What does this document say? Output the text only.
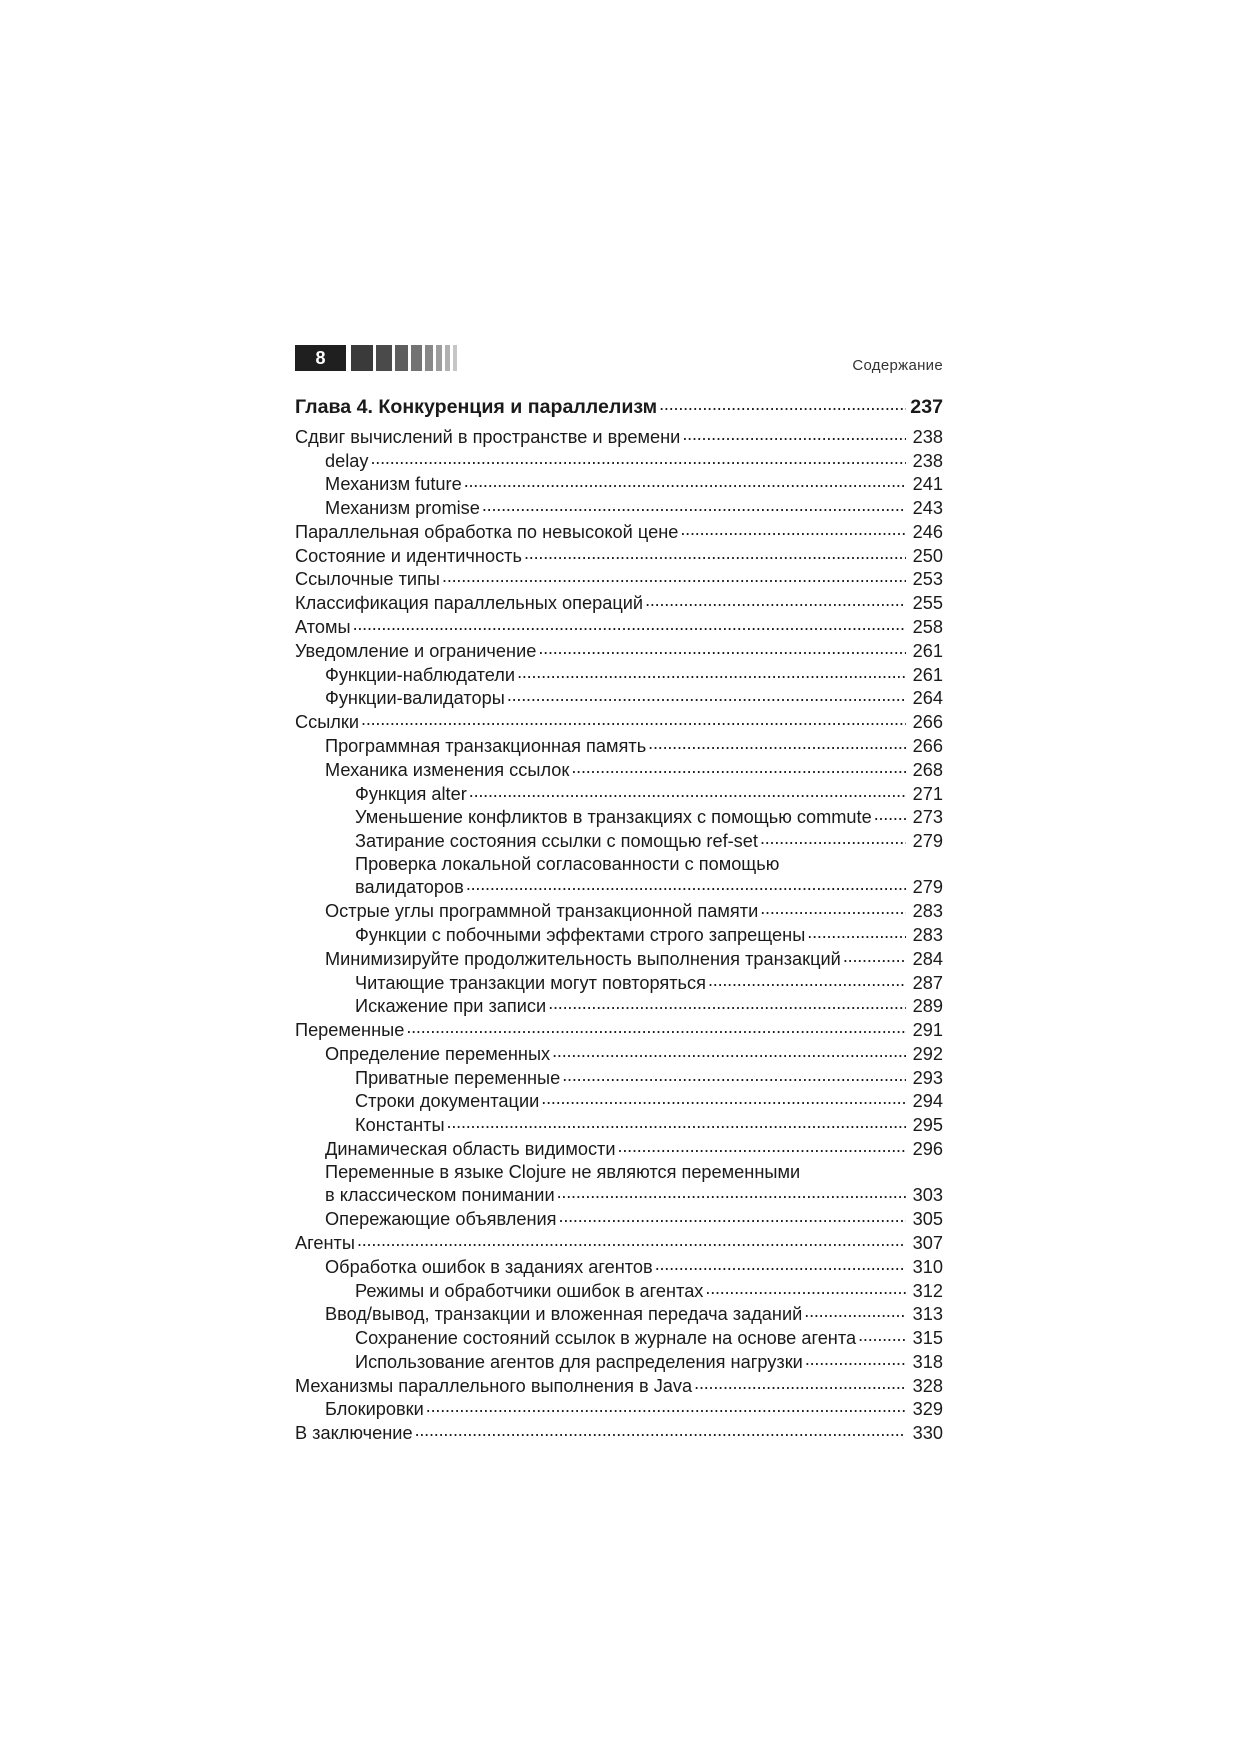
8	Содержание
Глава 4. Конкуренция и параллелизм . . .	237
Сдвиг вычислений в пространстве и времени . . .	238
delay . . .	238
Механизм future . . .	241
Механизм promise . . .	243
Параллельная обработка по невысокой цене . . .	246
Состояние и идентичность . . .	250
Ссылочные типы . . .	253
Классификация параллельных операций . . .	255
Атомы . . .	258
Уведомление и ограничение . . .	261
Функции-наблюдатели . . .	261
Функции-валидаторы . . .	264
Ссылки . . .	266
Программная транзакционная память . . .	266
Механика изменения ссылок . . .	268
Функция alter . . .	271
Уменьшение конфликтов в транзакциях с помощью commute . . . 273
Затирание состояния ссылки с помощью ref-set . . .	279
Проверка локальной согласованности с помощью
валидаторов . . .	279
Острые углы программной транзакционной памяти . . .	283
Функции с побочными эффектами строго запрещены . . .	283
Минимизируйте продолжительность выполнения транзакций . . .	284
Читающие транзакции могут повторяться . . .	287
Искажение при записи . . .	289
Переменные . . .	291
Определение переменных . . .	292
Приватные переменные . . .	293
Строки документации . . .	294
Константы . . .	295
Динамическая область видимости . . .	296
Переменные в языке Clojure не являются переменными
в классическом понимании . . .	303
Опережающие объявления . . .	305
Агенты . . .	307
Обработка ошибок в заданиях агентов . . .	310
Режимы и обработчики ошибок в агентах . . .	312
Ввод/вывод, транзакции и вложенная передача заданий . . .	313
Сохранение состояний ссылок в журнале на основе агента . . .	315
Использование агентов для распределения нагрузки . . .	318
Механизмы параллельного выполнения в Java . . .	328
Блокировки . . .	329
В заключение . . .	330
